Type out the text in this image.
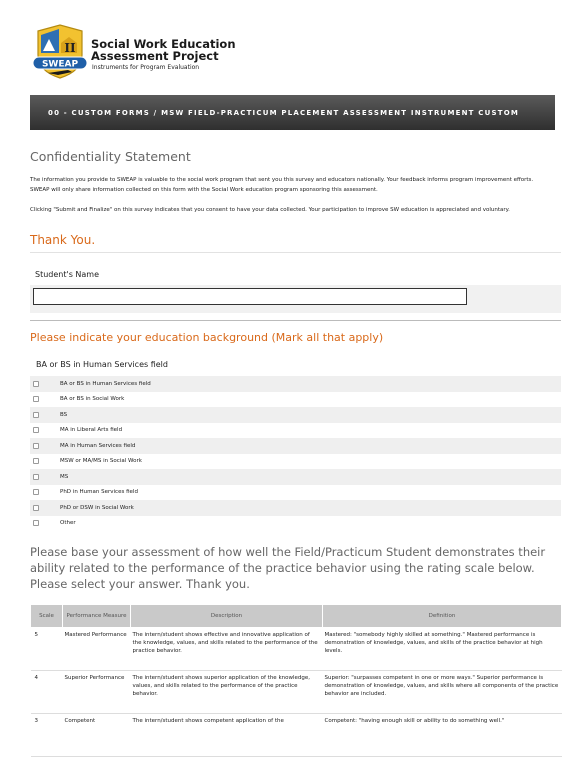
II
SWEAP
Social Work Education
Assessment Project
Instruments for Program Evaluation
00 - CUSTOM FORMS / MSW FIELD-PRACTICUM PLACEMENT ASSESSMENT INSTRUMENT CUSTOM
Confidentiality Statement
The information you provide to SWEAP is valuable to the social work program that sent you this survey and educators nationally. Your feedback informs program improvement efforts. SWEAP will only share information collected on this form with the Social Work education program sponsoring this assessment.
Clicking "Submit and Finalize" on this survey indicates that you consent to have your data collected. Your participation to improve SW education is appreciated and voluntary.
Thank You.
Student's Name
Please indicate your education background (Mark all that apply)
BA or BS in Human Services field
BA or BS in Human Services field
BA or BS in Social Work
BS
MA in Liberal Arts field
MA in Human Services field
MSW or MA/MS in Social Work
MS
PhD in Human Services field
PhD or DSW in Social Work
Other
Please base your assessment of how well the Field/Practicum Student demonstrates their ability related to the performance of the practice behavior using the rating scale below. Please select your answer. Thank you.
Scale	Performance Measure	Description	Definition
5	Mastered Performance	The intern/student shows effective and innovative application of the knowledge, values, and skills related to the performance of the practice behavior.	Mastered: "somebody highly skilled at something." Mastered performance is demonstration of knowledge, values, and skills of the practice behavior at high levels.
4	Superior Performance	The intern/student shows superior application of the knowledge, values, and skills related to the performance of the practice behavior.	Superior: "surpasses competent in one or more ways." Superior performance is demonstration of knowledge, values, and skills where all components of the practice behavior are included.
3	Competent	The intern/student shows competent application of the	Competent: "having enough skill or ability to do something well."
